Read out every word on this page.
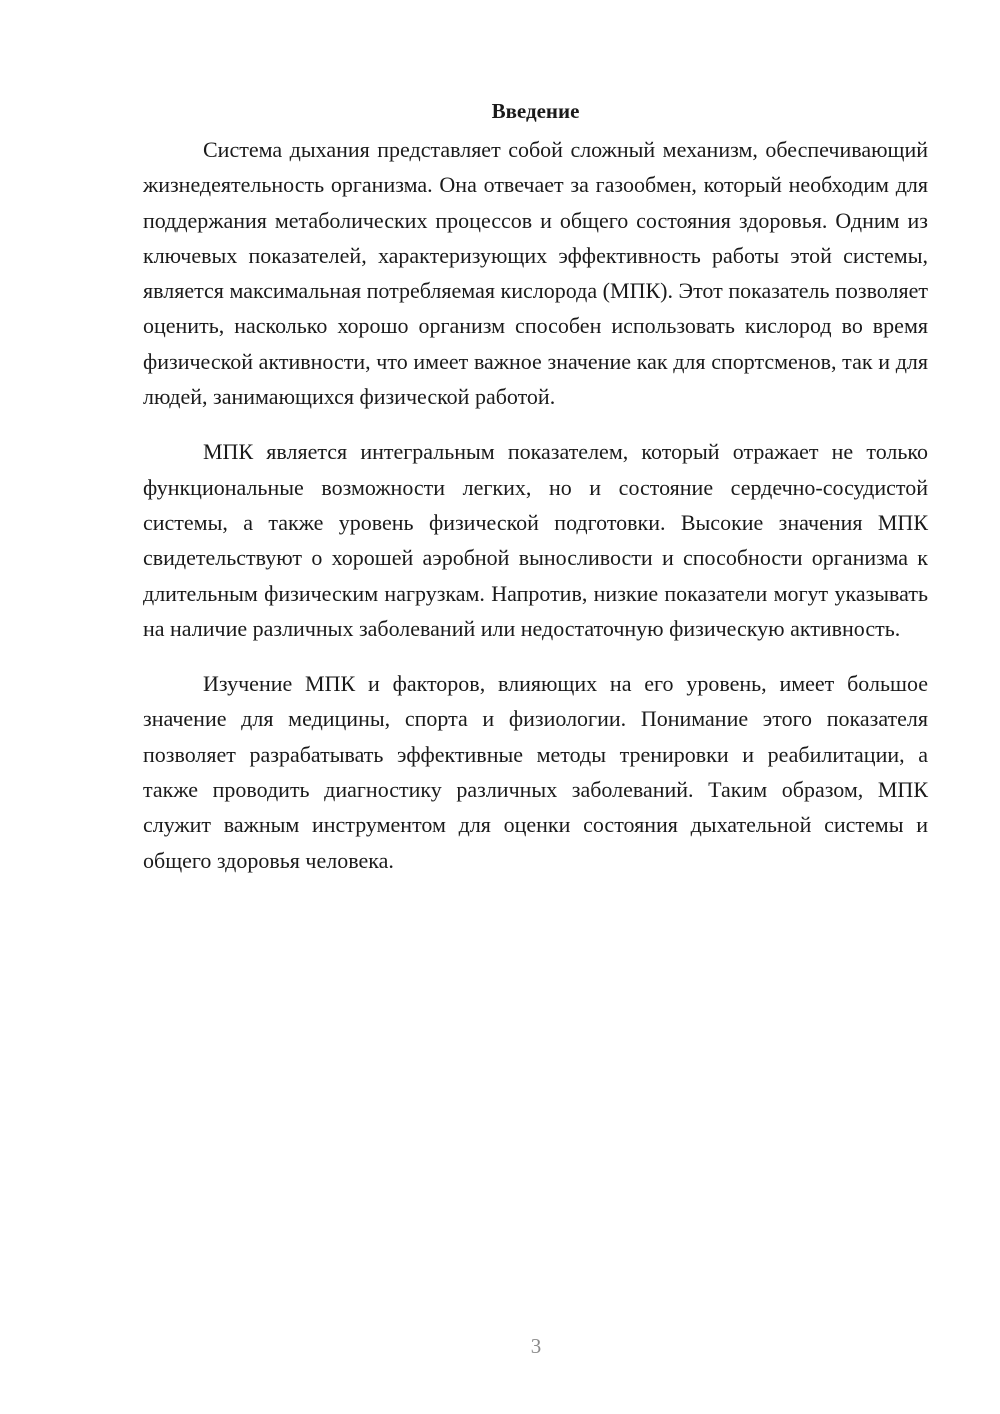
Введение

Система дыхания представляет собой сложный механизм, обеспечивающий жизнедеятельность организма. Она отвечает за газообмен, который необходим для поддержания метаболических процессов и общего состояния здоровья. Одним из ключевых показателей, характеризующих эффективность работы этой системы, является максимальная потребляемая кислорода (МПК). Этот показатель позволяет оценить, насколько хорошо организм способен использовать кислород во время физической активности, что имеет важное значение как для спортсменов, так и для людей, занимающихся физической работой.

МПК является интегральным показателем, который отражает не только функциональные возможности легких, но и состояние сердечно-сосудистой системы, а также уровень физической подготовки. Высокие значения МПК свидетельствуют о хорошей аэробной выносливости и способности организма к длительным физическим нагрузкам. Напротив, низкие показатели могут указывать на наличие различных заболеваний или недостаточную физическую активность.

Изучение МПК и факторов, влияющих на его уровень, имеет большое значение для медицины, спорта и физиологии. Понимание этого показателя позволяет разрабатывать эффективные методы тренировки и реабилитации, а также проводить диагностику различных заболеваний. Таким образом, МПК служит важным инструментом для оценки состояния дыхательной системы и общего здоровья человека.

3
